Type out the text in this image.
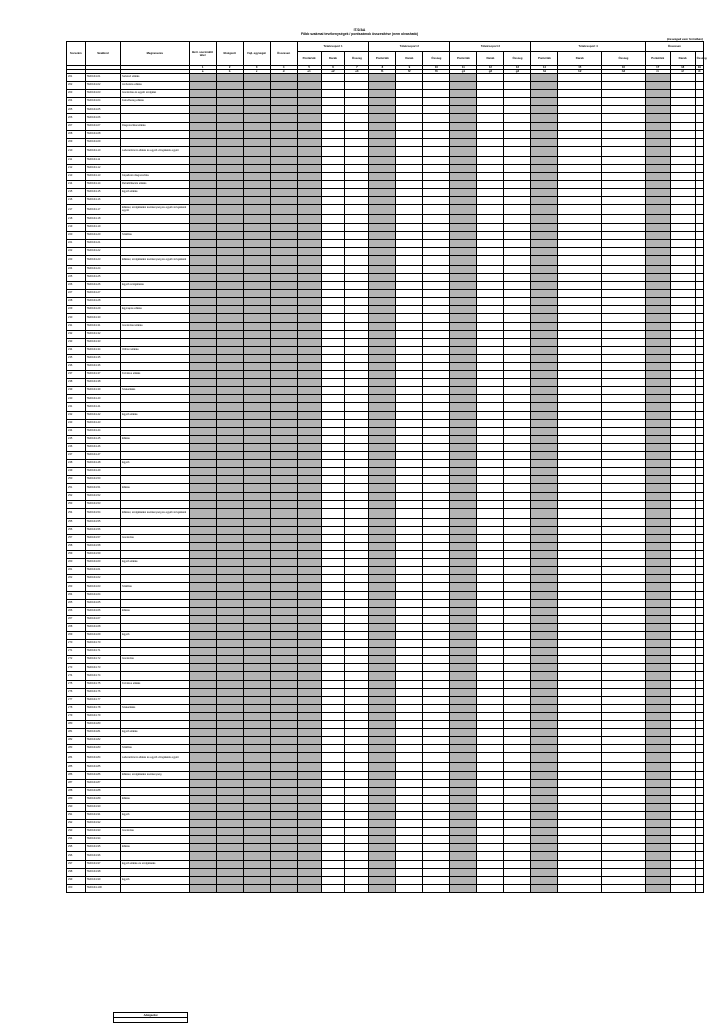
IT/2/AA
Főbb szakmai tevékenységek / pontszámok összesítése (nem olvasható)
(összegek ezer forintban)
Sorszám	Szakkód	Megnevezés	Bérl. szerződött tétel	Elvégzett	Fajl. egységár	Összesen	Tételcsoport 1			Tételcsoport 2			Tételcsoport 3			Tételcsoport 4			Összesen		
							Pontérték	Darab	Összeg	Pontérték	Darab	Összeg	Pontérték	Darab	Összeg	Pontérték	Darab	Összeg	Pontérték	Darab	Összeg
			1	2	3	4	5	6	7	8	9	10	11	12	13	14	15	16	17	18	19
			a	b	c	d	e1	e2	e3	f1	f2	f3	g1	g2	g3	h1	h2	h3	i1	i2	i3
201	TEDC44-01	Sebészi ellátás																			
202	TEDC44-02	Ambuláns ellátás																			
203	TEDC44-03	Gondozás és egyéb szolgálat																			
204	TEDC44-04	Fekvőbeteg ellátás																			
205	TEDC44-05																				
206	TEDC44-06																				
207	TEDC44-07	Diagnosztikai ellátás																			
208	TEDC44-08																				
209	TEDC44-09																				
210	TEDC44-10	Laboratóriumi ellátás és egyéb vizsgálatok együtt																			
211	TEDC44-11																				
212	TEDC44-12																				
213	TEDC44-13	Képalkotó diagnosztika																			
214	TEDC44-14	Rehabilitációs ellátás																			
215	TEDC44-15	Egyéb ellátás																			
216	TEDC44-16																				
217	TEDC44-17	Ellátási, szolgáltatási tevékenység és egyéb vizsgálatok együtt																			
218	TEDC44-18																				
219	TEDC44-19																				
220	TEDC44-20	Szállítás																			
221	TEDC44-21																				
222	TEDC44-22																				
223	TEDC44-23	Ellátási, szolgáltatási tevékenység és egyéb vizsgálatok																			
224	TEDC44-24																				
225	TEDC44-25																				
226	TEDC44-26	Egyéb szolgáltatás																			
227	TEDC44-27																				
228	TEDC44-28																				
229	TEDC44-29	Egynapos ellátás																			
230	TEDC44-30																				
231	TEDC44-31	Gondozási ellátás																			
232	TEDC44-32																				
233	TEDC44-33																				
234	TEDC44-34	Otthoni ellátás																			
235	TEDC44-35																				
236	TEDC44-36																				
237	TEDC44-37	Krónikus ellátás																			
238	TEDC44-38																				
239	TEDC44-39	Szakellátás																			
240	TEDC44-40																				
241	TEDC44-41																				
242	TEDC44-42	Egyéb ellátás																			
243	TEDC44-43																				
244	TEDC44-44																				
245	TEDC44-45	Ellátás																			
246	TEDC44-46																				
247	TEDC44-47																				
248	TEDC44-48	Egyéb																			
249	TEDC44-49																				
250	TEDC44-50																				
251	TEDC44-51	Ellátás																			
252	TEDC44-52																				
253	TEDC44-53																				
254	TEDC44-54	Ellátási, szolgáltatási tevékenység és egyéb vizsgálatok																			
255	TEDC44-55																				
256	TEDC44-56																				
257	TEDC44-57	Gondozás																			
258	TEDC44-58																				
259	TEDC44-59																				
260	TEDC44-60	Egyéb ellátás																			
261	TEDC44-61																				
262	TEDC44-62																				
263	TEDC44-63	Szállítás																			
264	TEDC44-64																				
265	TEDC44-65																				
266	TEDC44-66	Ellátás																			
267	TEDC44-67																				
268	TEDC44-68																				
269	TEDC44-69	Egyéb																			
270	TEDC44-70																				
271	TEDC44-71																				
272	TEDC44-72	Gondozás																			
273	TEDC44-73																				
274	TEDC44-74																				
275	TEDC44-75	Krónikus ellátás																			
276	TEDC44-76																				
277	TEDC44-77																				
278	TEDC44-78	Szakellátás																			
279	TEDC44-79																				
280	TEDC44-80																				
281	TEDC44-81	Egyéb ellátás																			
282	TEDC44-82																				
283	TEDC44-83	Szállítás																			
284	TEDC44-84	Laboratóriumi ellátás és egyéb vizsgálatok együtt																			
285	TEDC44-85																				
286	TEDC44-86	Ellátási, szolgáltatási tevékenység																			
287	TEDC44-87																				
288	TEDC44-88																				
289	TEDC44-89	Ellátás																			
290	TEDC44-90																				
291	TEDC44-91	Egyéb																			
292	TEDC44-92																				
293	TEDC44-93	Gondozás																			
294	TEDC44-94																				
295	TEDC44-95	Ellátás																			
296	TEDC44-96																				
297	TEDC44-97	Egyéb ellátás és szolgáltatás																			
298	TEDC44-98																				
299	TEDC44-99	Egyéb																			
300	TEDC44-100																				
Adatgazdai
